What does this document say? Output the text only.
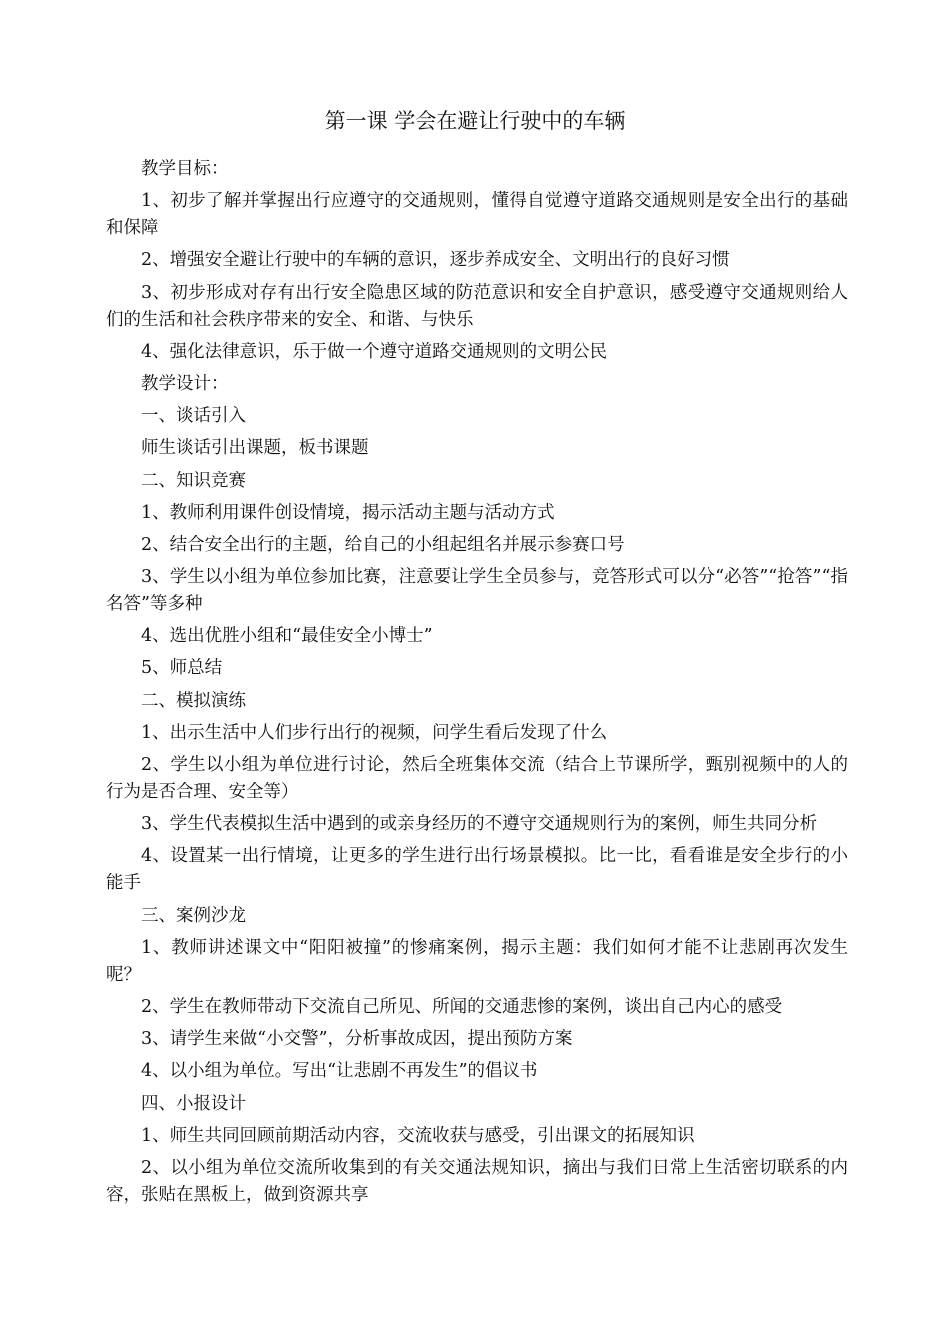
第一课 学会在避让行驶中的车辆

教学目标：

1、初步了解并掌握出行应遵守的交通规则，懂得自觉遵守道路交通规则是安全出行的基础和保障

2、增强安全避让行驶中的车辆的意识，逐步养成安全、文明出行的良好习惯

3、初步形成对存有出行安全隐患区域的防范意识和安全自护意识，感受遵守交通规则给人们的生活和社会秩序带来的安全、和谐、与快乐

4、强化法律意识，乐于做一个遵守道路交通规则的文明公民

教学设计：

一、谈话引入

师生谈话引出课题，板书课题

二、知识竞赛

1、教师利用课件创设情境，揭示活动主题与活动方式

2、结合安全出行的主题，给自己的小组起组名并展示参赛口号

3、学生以小组为单位参加比赛，注意要让学生全员参与，竞答形式可以分“必答”“抢答”“指名答”等多种

4、选出优胜小组和“最佳安全小博士”

5、师总结

二、模拟演练

1、出示生活中人们步行出行的视频，问学生看后发现了什么

2、学生以小组为单位进行讨论，然后全班集体交流（结合上节课所学，甄别视频中的人的行为是否合理、安全等）

3、学生代表模拟生活中遇到的或亲身经历的不遵守交通规则行为的案例，师生共同分析

4、设置某一出行情境，让更多的学生进行出行场景模拟。比一比，看看谁是安全步行的小能手

三、案例沙龙

1、教师讲述课文中“阳阳被撞”的惨痛案例，揭示主题：我们如何才能不让悲剧再次发生呢？

2、学生在教师带动下交流自己所见、所闻的交通悲惨的案例，谈出自己内心的感受

3、请学生来做“小交警”，分析事故成因，提出预防方案

4、以小组为单位。写出“让悲剧不再发生”的倡议书

四、小报设计

1、师生共同回顾前期活动内容，交流收获与感受，引出课文的拓展知识

2、以小组为单位交流所收集到的有关交通法规知识，摘出与我们日常上生活密切联系的内容，张贴在黑板上，做到资源共享
